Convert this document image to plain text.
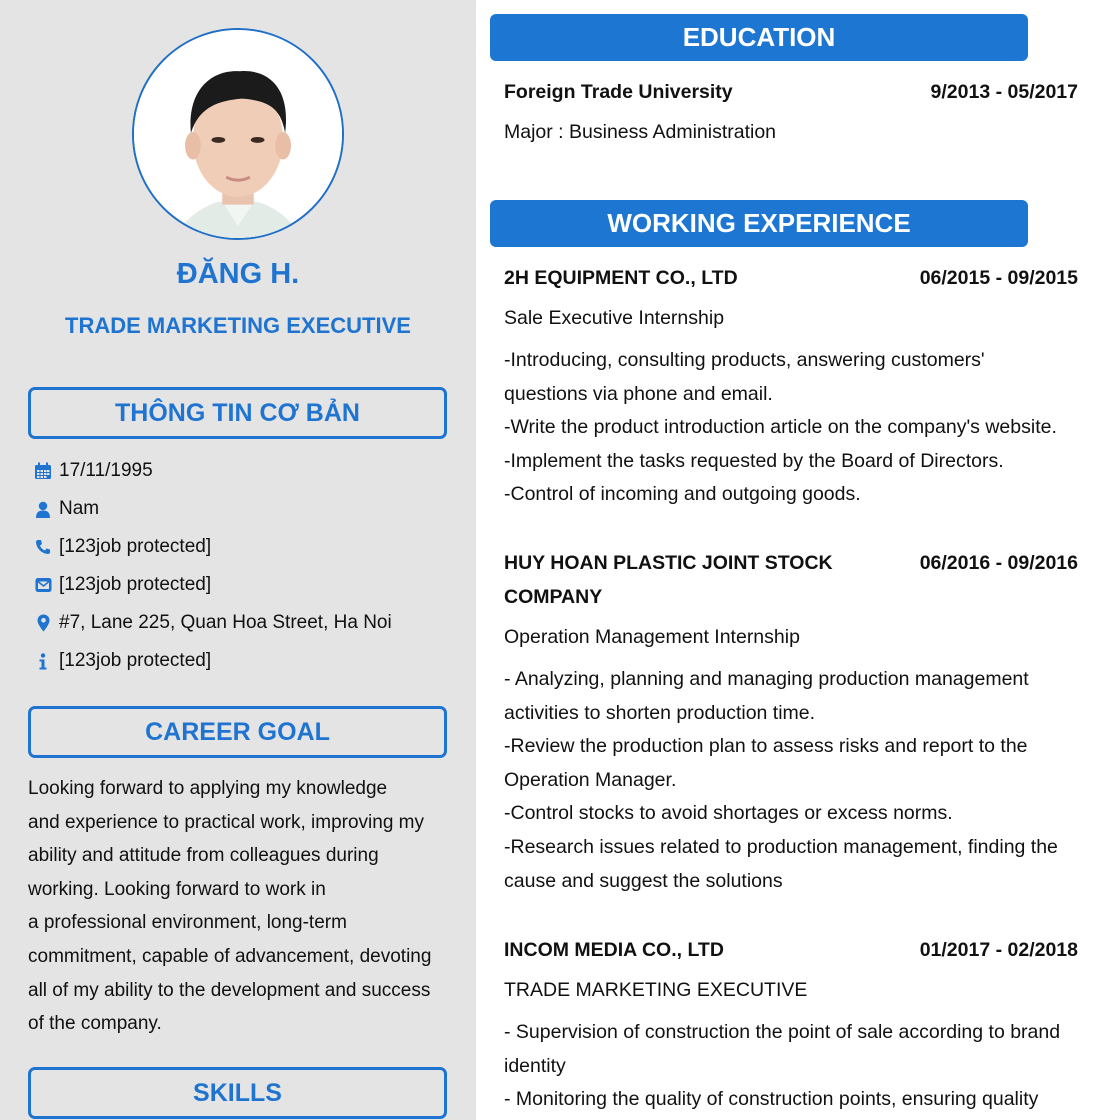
ĐĂNG H.
TRADE MARKETING EXECUTIVE
THÔNG TIN CƠ BẢN
17/11/1995
Nam
[123job protected]
[123job protected]
#7, Lane 225, Quan Hoa Street, Ha Noi
[123job protected]
CAREER GOAL
Looking forward to applying my knowledge
and experience to practical work, improving my
ability and attitude from colleagues during
working. Looking forward to work in
a professional environment, long-term
commitment, capable of advancement, devoting
all of my ability to the development and success
of the company.
SKILLS
EDUCATION
Foreign Trade University	9/2013 - 05/2017
Major : Business Administration
WORKING EXPERIENCE
2H EQUIPMENT CO., LTD	06/2015 - 09/2015
Sale Executive Internship
-Introducing, consulting products, answering customers'
questions via phone and email.
-Write the product introduction article on the company's website.
-Implement the tasks requested by the Board of Directors.
-Control of incoming and outgoing goods.
HUY HOAN PLASTIC JOINT STOCK COMPANY
06/2016 - 09/2016
Operation Management Internship
- Analyzing, planning and managing production management
activities to shorten production time.
-Review the production plan to assess risks and report to the
Operation Manager.
-Control stocks to avoid shortages or excess norms.
-Research issues related to production management, finding the
cause and suggest the solutions
INCOM MEDIA CO., LTD	01/2017 - 02/2018
TRADE MARKETING EXECUTIVE
- Supervision of construction the point of sale according to brand
identity
- Monitoring the quality of construction points, ensuring quality
